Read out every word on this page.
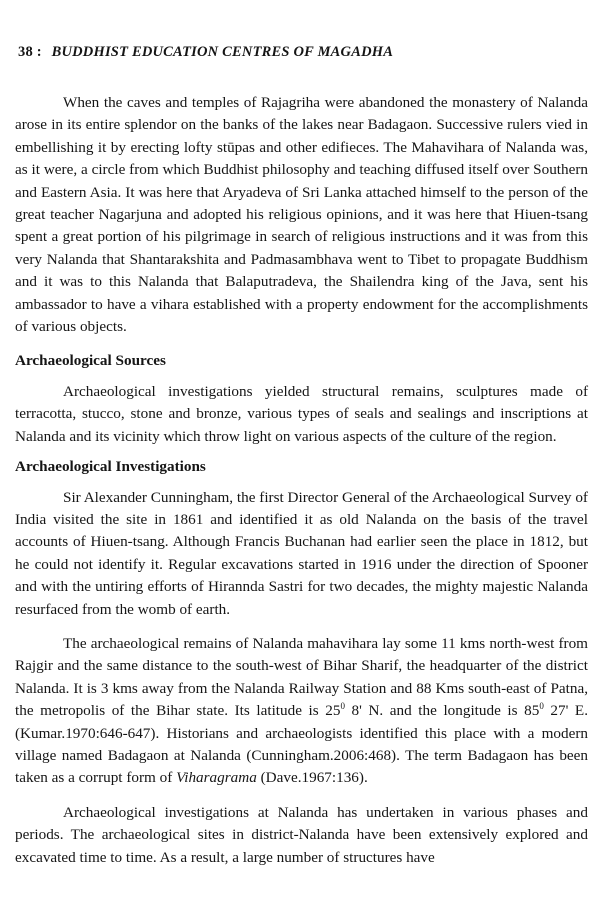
38 : BUDDHIST EDUCATION CENTRES OF MAGADHA

When the caves and temples of Rajagriha were abandoned the monastery of Nalanda arose in its entire splendor on the banks of the lakes near Badagaon. Successive rulers vied in embellishing it by erecting lofty stūpas and other edifieces. The Mahavihara of Nalanda was, as it were, a circle from which Buddhist philosophy and teaching diffused itself over Southern and Eastern Asia. It was here that Aryadeva of Sri Lanka attached himself to the person of the great teacher Nagarjuna and adopted his religious opinions, and it was here that Hiuen-tsang spent a great portion of his pilgrimage in search of religious instructions and it was from this very Nalanda that Shantarakshita and Padmasambhava went to Tibet to propagate Buddhism and it was to this Nalanda that Balaputradeva, the Shailendra king of the Java, sent his ambassador to have a vihara established with a property endowment for the accomplishments of various objects.

Archaeological Sources

Archaeological investigations yielded structural remains, sculptures made of terracotta, stucco, stone and bronze, various types of seals and sealings and inscriptions at Nalanda and its vicinity which throw light on various aspects of the culture of the region.

Archaeological Investigations

Sir Alexander Cunningham, the first Director General of the Archaeological Survey of India visited the site in 1861 and identified it as old Nalanda on the basis of the travel accounts of Hiuen-tsang. Although Francis Buchanan had earlier seen the place in 1812, but he could not identify it. Regular excavations started in 1916 under the direction of Spooner and with the untiring efforts of Hirannda Sastri for two decades, the mighty majestic Nalanda resurfaced from the womb of earth.

The archaeological remains of Nalanda mahavihara lay some 11 kms north-west from Rajgir and the same distance to the south-west of Bihar Sharif, the headquarter of the district Nalanda. It is 3 kms away from the Nalanda Railway Station and 88 Kms south-east of Patna, the metropolis of the Bihar state. Its latitude is $25^0$ 8' N. and the longitude is $85^0$ 27' E. (Kumar.1970:646-647). Historians and archaeologists identified this place with a modern village named Badagaon at Nalanda (Cunningham.2006:468). The term Badagaon has been taken as a corrupt form of Viharagrama (Dave.1967:136).

Archaeological investigations at Nalanda has undertaken in various phases and periods. The archaeological sites in district-Nalanda have been extensively explored and excavated time to time. As a result, a large number of structures have
